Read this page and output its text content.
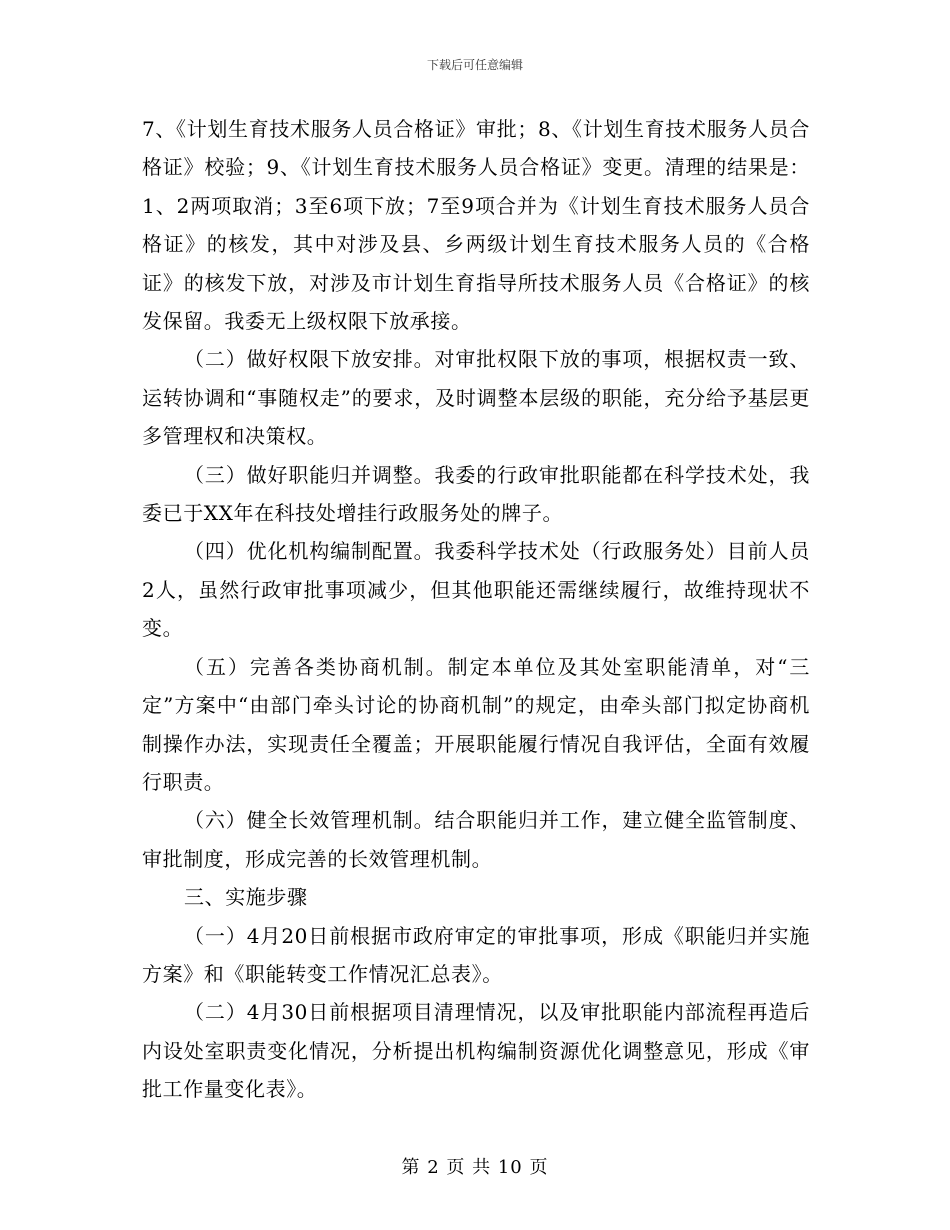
下载后可任意编辑

7、《计划生育技术服务人员合格证》审批；8、《计划生育技术服务人员合格证》校验；9、《计划生育技术服务人员合格证》变更。清理的结果是：1、2两项取消；3至6项下放；7至9项合并为《计划生育技术服务人员合格证》的核发，其中对涉及县、乡两级计划生育技术服务人员的《合格证》的核发下放，对涉及市计划生育指导所技术服务人员《合格证》的核发保留。我委无上级权限下放承接。

（二）做好权限下放安排。对审批权限下放的事项，根据权责一致、运转协调和“事随权走”的要求，及时调整本层级的职能，充分给予基层更多管理权和决策权。

（三）做好职能归并调整。我委的行政审批职能都在科学技术处，我委已于XX年在科技处增挂行政服务处的牌子。

（四）优化机构编制配置。我委科学技术处（行政服务处）目前人员2人，虽然行政审批事项减少，但其他职能还需继续履行，故维持现状不变。

（五）完善各类协商机制。制定本单位及其处室职能清单，对“三定”方案中“由部门牵头讨论的协商机制”的规定，由牵头部门拟定协商机制操作办法，实现责任全覆盖；开展职能履行情况自我评估，全面有效履行职责。

（六）健全长效管理机制。结合职能归并工作，建立健全监管制度、审批制度，形成完善的长效管理机制。

三、实施步骤

（一）4月20日前根据市政府审定的审批事项，形成《职能归并实施方案》和《职能转变工作情况汇总表》。

（二）4月30日前根据项目清理情况，以及审批职能内部流程再造后内设处室职责变化情况，分析提出机构编制资源优化调整意见，形成《审批工作量变化表》。

第 2 页 共 10 页
